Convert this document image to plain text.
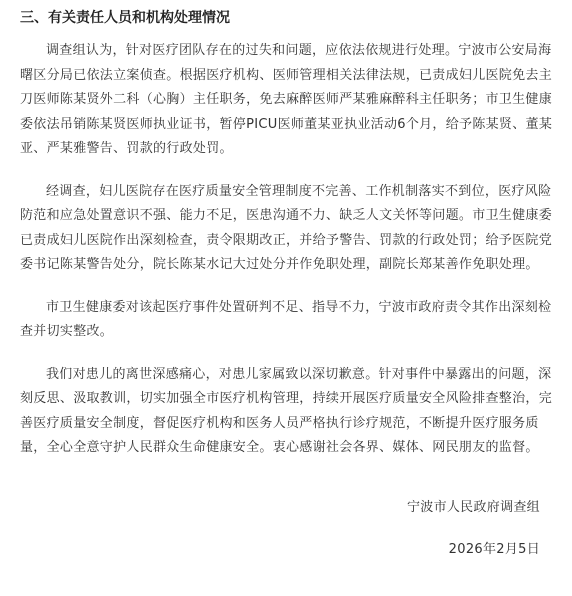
三、有关责任人员和机构处理情况

调查组认为，针对医疗团队存在的过失和问题，应依法依规进行处理。宁波市公安局海曙区分局已依法立案侦查。根据医疗机构、医师管理相关法律法规，已责成妇儿医院免去主刀医师陈某贤外二科（心胸）主任职务，免去麻醉医师严某雅麻醉科主任职务；市卫生健康委依法吊销陈某贤医师执业证书，暂停PICU医师董某亚执业活动6个月，给予陈某贤、董某亚、严某雅警告、罚款的行政处罚。

经调查，妇儿医院存在医疗质量安全管理制度不完善、工作机制落实不到位，医疗风险防范和应急处置意识不强、能力不足，医患沟通不力、缺乏人文关怀等问题。市卫生健康委已责成妇儿医院作出深刻检查，责令限期改正，并给予警告、罚款的行政处罚；给予医院党委书记陈某警告处分，院长陈某水记大过处分并作免职处理，副院长郑某善作免职处理。

市卫生健康委对该起医疗事件处置研判不足、指导不力，宁波市政府责令其作出深刻检查并切实整改。

我们对患儿的离世深感痛心，对患儿家属致以深切歉意。针对事件中暴露出的问题，深刻反思、汲取教训，切实加强全市医疗机构管理，持续开展医疗质量安全风险排查整治，完善医疗质量安全制度，督促医疗机构和医务人员严格执行诊疗规范，不断提升医疗服务质量，全心全意守护人民群众生命健康安全。衷心感谢社会各界、媒体、网民朋友的监督。

宁波市人民政府调查组
2026年2月5日
